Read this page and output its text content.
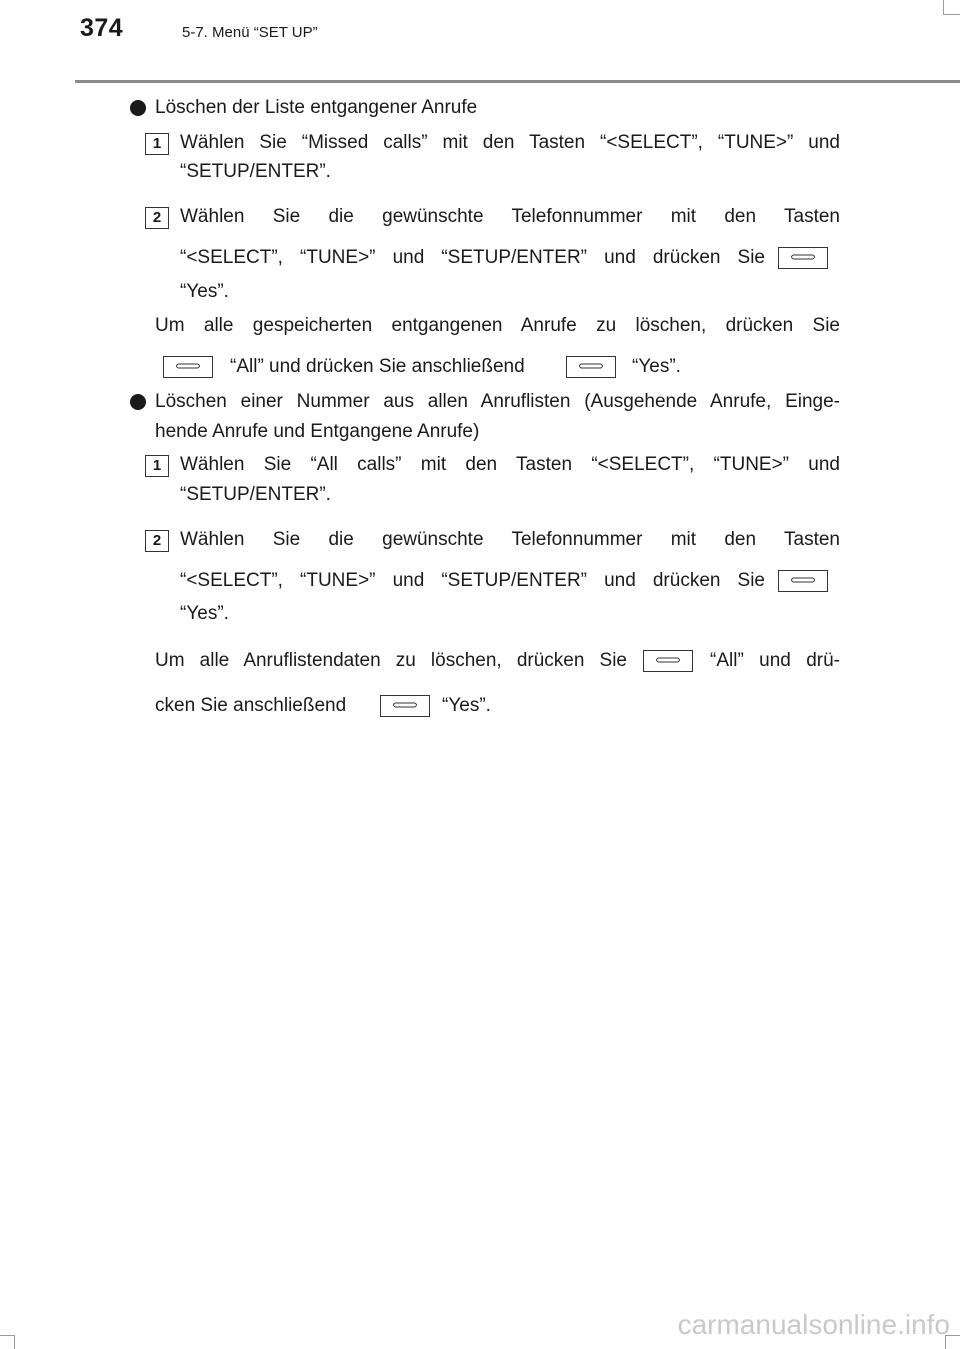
374	5-7. Menü “SET UP”
Löschen der Liste entgangener Anrufe
1 Wählen Sie “Missed calls” mit den Tasten “<SELECT”, “TUNE>” und
“SETUP/ENTER”.
2 Wählen Sie die gewünschte Telefonnummer mit den Tasten
“<SELECT”, “TUNE>” und “SETUP/ENTER” und drücken Sie
“Yes”.
Um alle gespeicherten entgangenen Anrufe zu löschen, drücken Sie
“All” und drücken Sie anschließend	“Yes”.
Löschen einer Nummer aus allen Anruflisten (Ausgehende Anrufe, Einge-
hende Anrufe und Entgangene Anrufe)
1 Wählen Sie “All calls” mit den Tasten “<SELECT”, “TUNE>” und
“SETUP/ENTER”.
2 Wählen Sie die gewünschte Telefonnummer mit den Tasten
“<SELECT”, “TUNE>” und “SETUP/ENTER” und drücken Sie
“Yes”.
Um alle Anruflistendaten zu löschen, drücken Sie	“All” und drü-
cken Sie anschließend	“Yes”.
carmanualsonline.info
